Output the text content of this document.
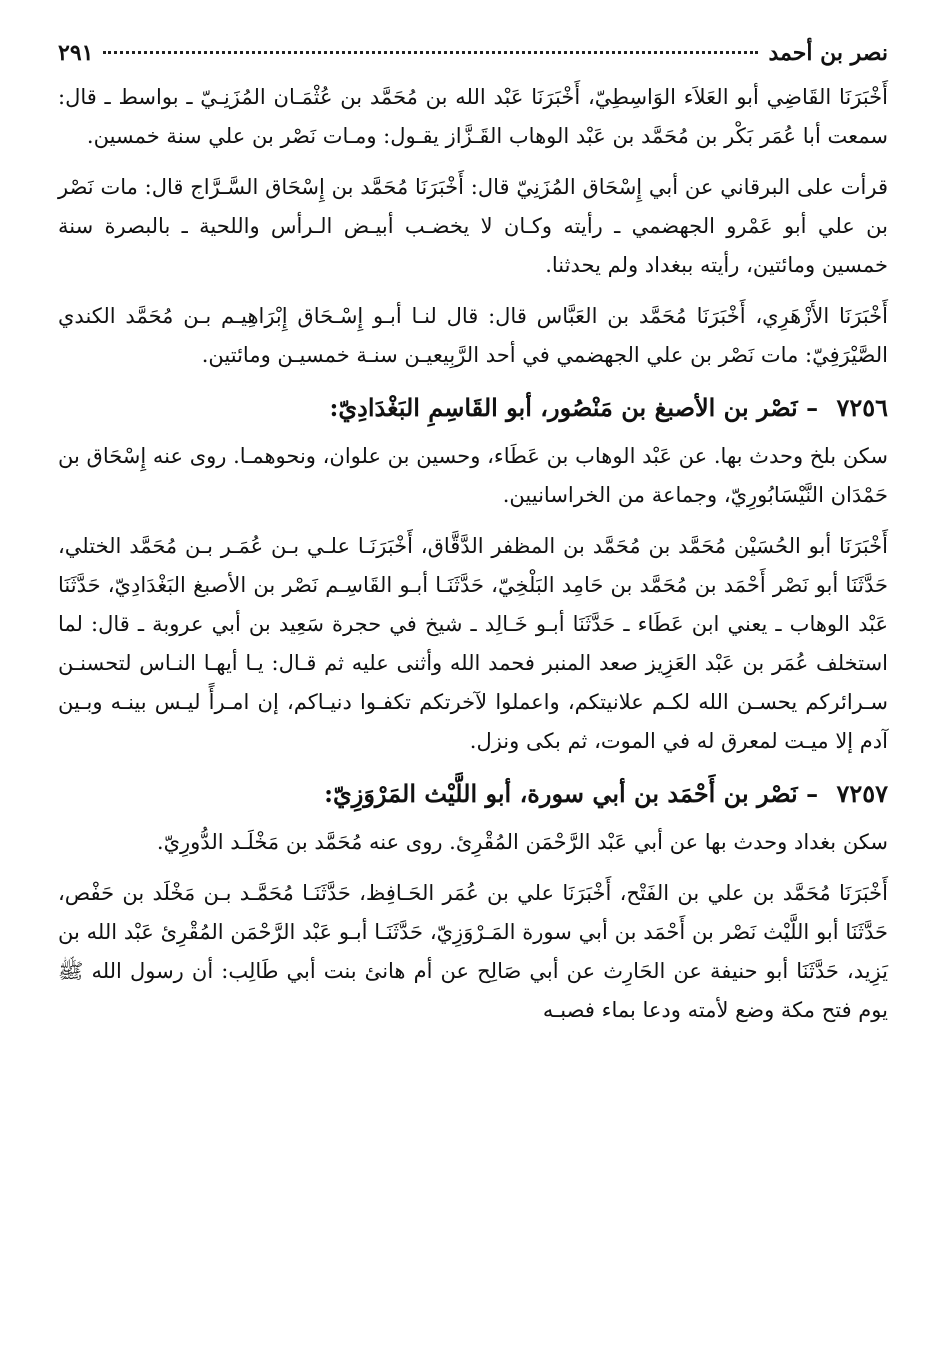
نصر بن أحمد
٢٩١

أَخْبَرَنَا القَاضِي أبو العَلاَء الوَاسِطِيّ، أَخْبَرَنَا عَبْد الله بن مُحَمَّد بن عُثْمَـان المُزَنِـيّ ـ بواسط ـ قال: سمعت أبا عُمَر بَكْر بن مُحَمَّد بن عَبْد الوهاب القَـزَّاز يقـول: ومـات نَصْر بن علي سنة خمسين.

قرأت على البرقاني عن أبي إِسْحَاق المُزَنِيّ قال: أَخْبَرَنَا مُحَمَّد بن إِسْحَاق السَّـرَّاج قال: مات نَصْر بن علي أبو عَمْرو الجهضمي ـ رأيته وكـان لا يخضـب أبيـض الـرأس واللحية ـ بالبصرة سنة خمسين ومائتين، رأيته ببغداد ولم يحدثنا.

أَخْبَرَنَا الأَزْهَرِي، أَخْبَرَنَا مُحَمَّد بن العَبَّاس قال: قال لنـا أبـو إِسْـحَاق إِبْرَاهِيـم بـن مُحَمَّد الكندي الصَّيْرَفِيّ: مات نَصْر بن علي الجهضمي في أحد الرَّبِيعيـن سنـة خمسيـن ومائتين.

٧٢٥٦ – نَصْر بن الأصبغ بن مَنْصُور، أبو القَاسِمِ البَغْدَادِيّ:

سكن بلخ وحدث بها. عن عَبْد الوهاب بن عَطَاء، وحسين بن علوان، ونحوهمـا. روى عنه إِسْحَاق بن حَمْدَان النَّيْسَابُورِيّ، وجماعة من الخراسانيين.

أَخْبَرَنَا أبو الحُسَيْن مُحَمَّد بن مُحَمَّد بن المظفر الدَّقَّاق، أَخْبَرَنَـا علـي بـن عُمَـر بـن مُحَمَّد الختلي، حَدَّثَنَا أبو نَصْر أَحْمَد بن مُحَمَّد بن حَامِد البَلْخِيّ، حَدَّثَنَـا أبـو القَاسِـم نَصْر بن الأصبغ البَغْدَادِيّ، حَدَّثَنَا عَبْد الوهاب ـ يعني ابن عَطَاء ـ حَدَّثَنَا أبـو خَـالِد ـ شيخ في حجرة سَعِيد بن أبي عروبة ـ قال: لما استخلف عُمَر بن عَبْد العَزِيز صعد المنبر فحمد الله وأثنى عليه ثم قـال: يـا أيهـا النـاس لتحسنـن سـرائركم يحسـن الله لكـم علانيتكم، واعملوا لآخرتكم تكفـوا دنيـاكم، إن امـرأً ليـس بينـه وبـين آدم إلا ميـت لمعرق له في الموت، ثم بكى ونزل.

٧٢٥٧ – نَصْر بن أَحْمَد بن أبي سورة، أبو اللَّيْث المَرْوَزِيّ:

سكن بغداد وحدث بها عن أبي عَبْد الرَّحْمَن المُقْرِئ. روى عنه مُحَمَّد بن مَخْلَـد الدُّورِيّ.

أَخْبَرَنَا مُحَمَّد بن علي بن الفَتْح، أَخْبَرَنَا علي بن عُمَر الحَـافِظ، حَدَّثَنَـا مُحَمَّـد بـن مَخْلَد بن حَفْص، حَدَّثَنَا أبو اللَّيْث نَصْر بن أَحْمَد بن أبي سورة المَـرْوَزِيّ، حَدَّثَنَـا أبـو عَبْد الرَّحْمَن المُقْرِئ عَبْد الله بن يَزِيد، حَدَّثَنَا أبو حنيفة عن الحَارِث عن أبي صَالِح عن أم هانئ بنت أبي طَالِب: أن رسول الله ﷺ يوم فتح مكة وضع لأمته ودعا بماء فصبـه
